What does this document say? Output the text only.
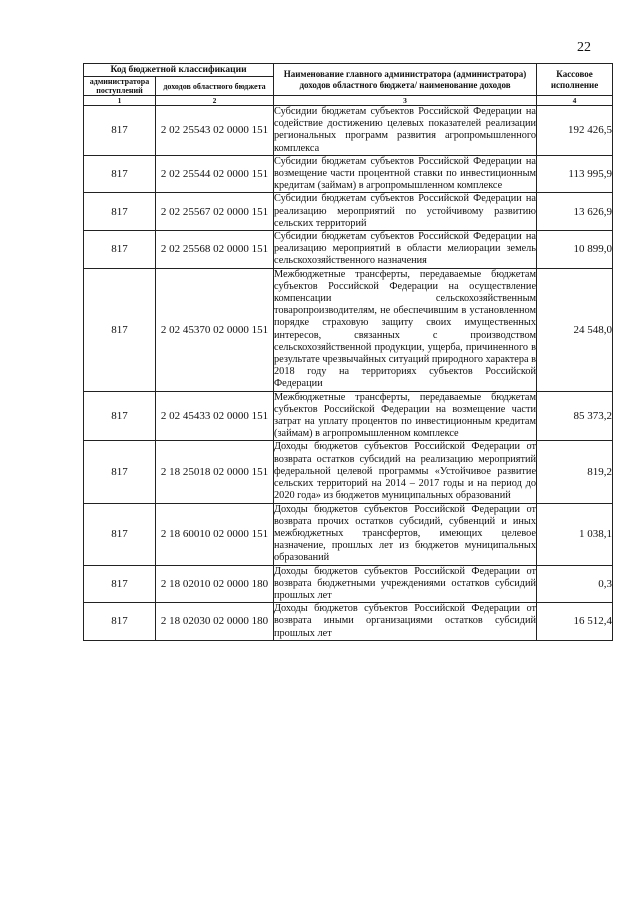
22
Код бюджетной классификации		Наименование главного администратора (администратора) доходов областного бюджета/ наименование доходов	Кассовое исполнение
администратора поступлений	доходов областного бюджета		
1	2	3	4
817	2 02 25543 02 0000 151	Субсидии бюджетам субъектов Российской Федерации на содействие достижению целевых показателей реализации региональных программ развития агропромышленного комплекса	192 426,5
817	2 02 25544 02 0000 151	Субсидии бюджетам субъектов Российской Федерации на возмещение части процентной ставки по инвестиционным кредитам (займам) в агропромышленном комплексе	113 995,9
817	2 02 25567 02 0000 151	Субсидии бюджетам субъектов Российской Федерации на реализацию мероприятий по устойчивому развитию сельских территорий	13 626,9
817	2 02 25568 02 0000 151	Субсидии бюджетам субъектов Российской Федерации на реализацию мероприятий в области мелиорации земель сельскохозяйственного назначения	10 899,0
817	2 02 45370 02 0000 151	Межбюджетные трансферты, передаваемые бюджетам субъектов Российской Федерации на осуществление компенсации сельскохозяйственным товаропроизводителям, не обеспечившим в установленном порядке страховую защиту своих имущественных интересов, связанных с производством сельскохозяйственной продукции, ущерба, причиненного в результате чрезвычайных ситуаций природного характера в 2018 году на территориях субъектов Российской Федерации	24 548,0
817	2 02 45433 02 0000 151	Межбюджетные трансферты, передаваемые бюджетам субъектов Российской Федерации на возмещение части затрат на уплату процентов по инвестиционным кредитам (займам) в агропромышленном комплексе	85 373,2
817	2 18 25018 02 0000 151	Доходы бюджетов субъектов Российской Федерации от возврата остатков субсидий на реализацию мероприятий федеральной целевой программы «Устойчивое развитие сельских территорий на 2014 – 2017 годы и на период до 2020 года» из бюджетов муниципальных образований	819,2
817	2 18 60010 02 0000 151	Доходы бюджетов субъектов Российской Федерации от возврата прочих остатков субсидий, субвенций и иных межбюджетных трансфертов, имеющих целевое назначение, прошлых лет из бюджетов муниципальных образований	1 038,1
817	2 18 02010 02 0000 180	Доходы бюджетов субъектов Российской Федерации от возврата бюджетными учреждениями остатков субсидий прошлых лет	0,3
817	2 18 02030 02 0000 180	Доходы бюджетов субъектов Российской Федерации от возврата иными организациями остатков субсидий прошлых лет	16 512,4
